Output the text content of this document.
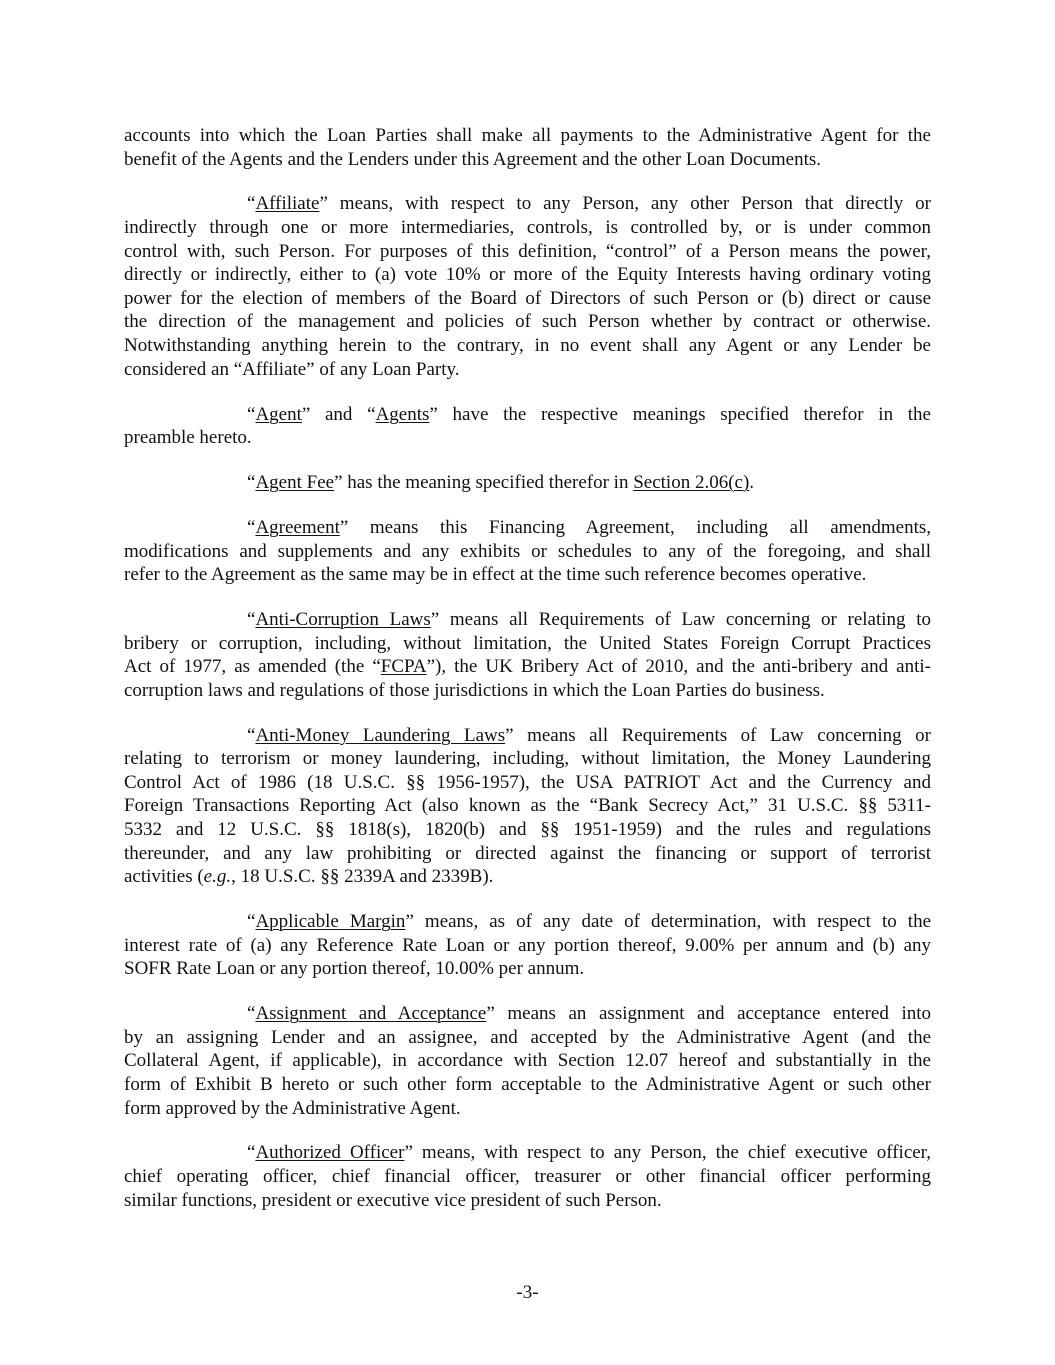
accounts into which the Loan Parties shall make all payments to the Administrative Agent for the
benefit of the Agents and the Lenders under this Agreement and the other Loan Documents.
“Affiliate” means, with respect to any Person, any other Person that directly or
indirectly through one or more intermediaries, controls, is controlled by, or is under common
control with, such Person. For purposes of this definition, “control” of a Person means the power,
directly or indirectly, either to (a) vote 10% or more of the Equity Interests having ordinary voting
power for the election of members of the Board of Directors of such Person or (b) direct or cause
the direction of the management and policies of such Person whether by contract or otherwise.
Notwithstanding anything herein to the contrary, in no event shall any Agent or any Lender be
considered an “Affiliate” of any Loan Party.
“Agent” and “Agents” have the respective meanings specified therefor in the
preamble hereto.
“Agent Fee” has the meaning specified therefor in Section 2.06(c).
“Agreement” means this Financing Agreement, including all amendments,
modifications and supplements and any exhibits or schedules to any of the foregoing, and shall
refer to the Agreement as the same may be in effect at the time such reference becomes operative.
“Anti-Corruption Laws” means all Requirements of Law concerning or relating to
bribery or corruption, including, without limitation, the United States Foreign Corrupt Practices
Act of 1977, as amended (the “FCPA”), the UK Bribery Act of 2010, and the anti-bribery and anti-
corruption laws and regulations of those jurisdictions in which the Loan Parties do business.
“Anti-Money Laundering Laws” means all Requirements of Law concerning or
relating to terrorism or money laundering, including, without limitation, the Money Laundering
Control Act of 1986 (18 U.S.C. §§ 1956-1957), the USA PATRIOT Act and the Currency and
Foreign Transactions Reporting Act (also known as the “Bank Secrecy Act,” 31 U.S.C. §§ 5311-
5332 and 12 U.S.C. §§ 1818(s), 1820(b) and §§ 1951-1959) and the rules and regulations
thereunder, and any law prohibiting or directed against the financing or support of terrorist
activities (e.g., 18 U.S.C. §§ 2339A and 2339B).
“Applicable Margin” means, as of any date of determination, with respect to the
interest rate of (a) any Reference Rate Loan or any portion thereof, 9.00% per annum and (b) any
SOFR Rate Loan or any portion thereof, 10.00% per annum.
“Assignment and Acceptance” means an assignment and acceptance entered into
by an assigning Lender and an assignee, and accepted by the Administrative Agent (and the
Collateral Agent, if applicable), in accordance with Section 12.07 hereof and substantially in the
form of Exhibit B hereto or such other form acceptable to the Administrative Agent or such other
form approved by the Administrative Agent.
“Authorized Officer” means, with respect to any Person, the chief executive officer,
chief operating officer, chief financial officer, treasurer or other financial officer performing
similar functions, president or executive vice president of such Person.
-3-
